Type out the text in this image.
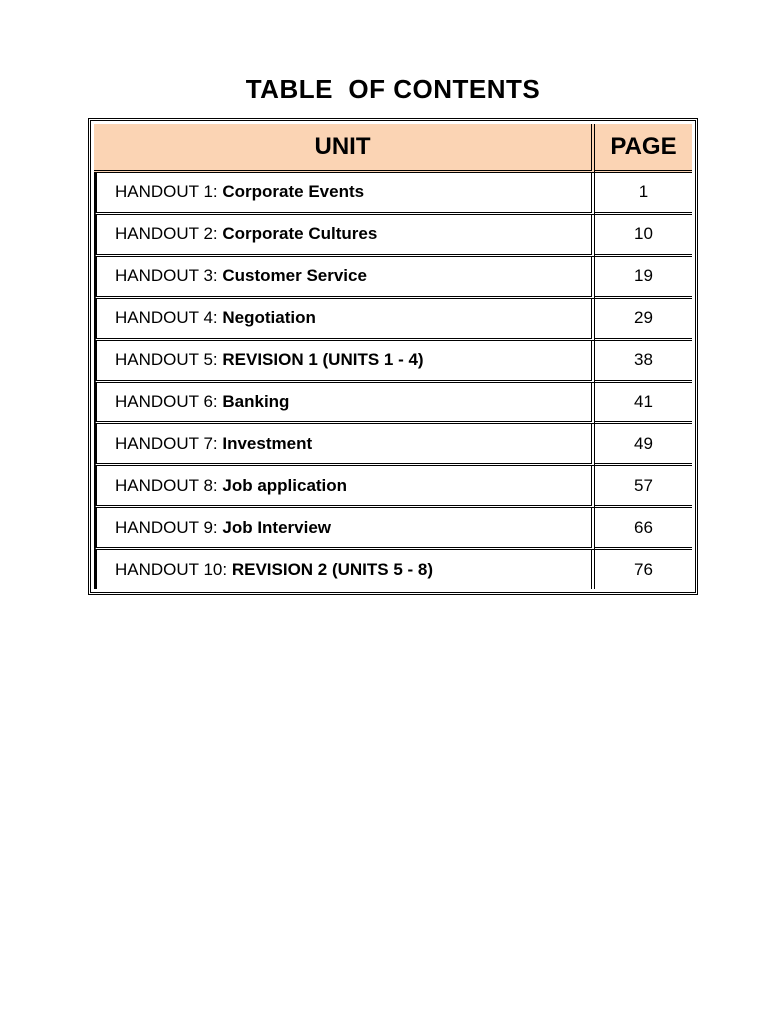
TABLE  OF CONTENTS
UNIT	PAGE
HANDOUT 1: Corporate Events	1
HANDOUT 2: Corporate Cultures	10
HANDOUT 3: Customer Service	19
HANDOUT 4: Negotiation	29
HANDOUT 5: REVISION 1 (UNITS 1 - 4)	38
HANDOUT 6: Banking	41
HANDOUT 7: Investment	49
HANDOUT 8: Job application	57
HANDOUT 9: Job Interview	66
HANDOUT 10: REVISION 2 (UNITS 5 - 8)	76
